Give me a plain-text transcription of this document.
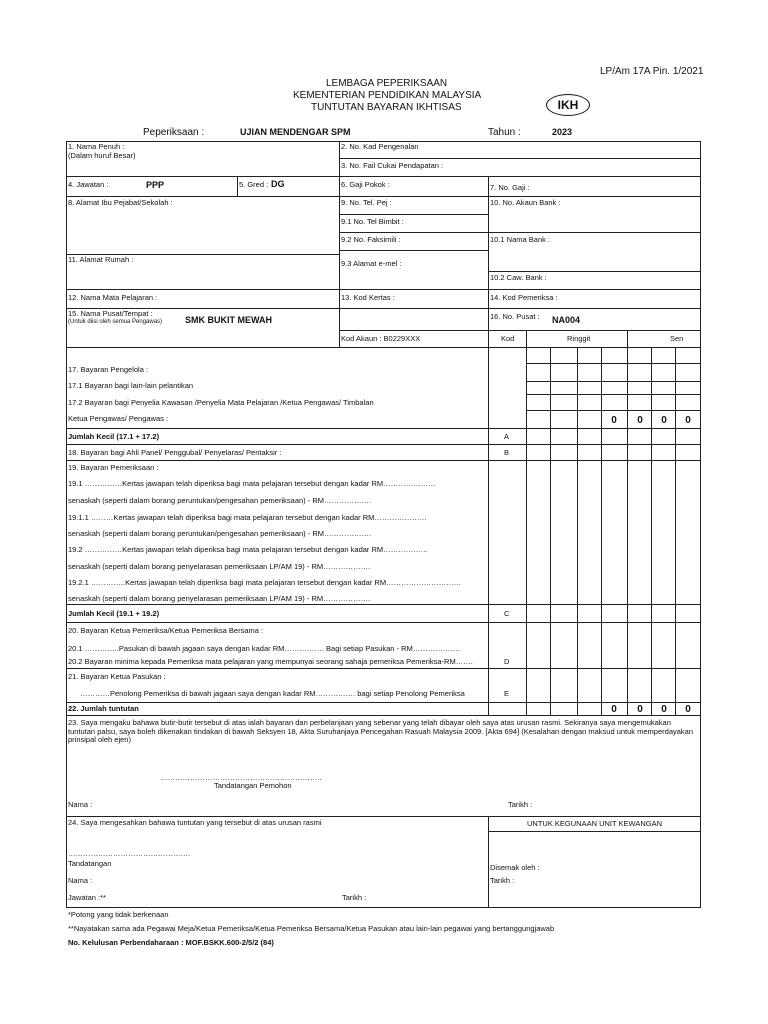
LP/Am 17A Pin. 1/2021
LEMBAGA PEPERIKSAAN
KEMENTERIAN PENDIDIKAN MALAYSIA
TUNTUTAN BAYARAN IKHTISAS	IKH
Peperiksaan :	UJIAN MENDENGAR SPM	Tahun :	2023
1. Nama Penuh :
(Dalam huruf Besar)
2. No. Kad Pengenalan
3. No. Fail Cukai Pendapatan :
4. Jawatan :	PPP	5. Gred : DG	6. Gaji Pokok :	7. No. Gaji :
8. Alamat Ibu Pejabat/Sekolah :	9. No. Tel. Pej :	10. No. Akaun Bank :
9.1 No. Tel Bimbit :
9.2 No. Faksimili :	10.1 Nama Bank :
11. Alamat Rumah :	9.3 Alamat e-mel :
10.2 Caw. Bank :
12. Nama Mata Pelajaran :	13. Kod Kertas :	14. Kod Pemeriksa :
15. Nama Pusat/Tempat :
(Untuk diisi oleh semua Pengawas)	SMK BUKIT MEWAH	16. No. Pusat : NA004
Kod Akaun : B0229XXX	Kod	Ringgit	Sen
17. Bayaran Pengelola :
17.1 Bayaran bagi lain-lain pelantikan
17.2 Bayaran bagi Penyelia Kawasan /Penyelia Mata Pelajaran /Ketua Pengawas/ Timbalan
Ketua Pengawas/ Pengawas :	0	0	0	0
Jumlah Kecil (17.1 + 17.2)	A
18. Bayaran bagi Ahli Panel/ Penggubal/ Penyelaras/ Pentaksir :	B
19. Bayaran Pemeriksaan :
19.1 ……………Kertas jawapan telah diperiksa bagi mata pelajaran tersebut dengan kadar RM…………………
senaskah (seperti dalam borang peruntukan/pengesahan pemeriksaan) - RM……………….
19.1.1 ………Kertas jawapan telah diperiksa bagi mata pelajaran tersebut dengan kadar RM…………………
senaskah (seperti dalam borang peruntukan/pengesahan pemeriksaan) - RM……………….
19.2 ……………Kertas jawapan telah diperiksa bagi mata pelajaran tersebut dengan kadar RM………………
senaskah (seperti dalam borang penyelarasan pemeriksaan LP/AM 19) - RM……………….
19.2.1 …………..Kertas jawapan telah diperiksa bagi mata pelajaran tersebut dengan kadar RM…………………………
senaskah (seperti dalam borang penyelarasan pemeriksaan LP/AM 19) - RM……………….
Jumlah Kecil (19.1 + 19.2)	C
20. Bayaran Ketua Pemeriksa/Ketua Pemeriksa Bersama :
20.1 …………..Pasukan di bawah jagaan saya dengan kadar RM……………. Bagi setiap Pasukan - RM……………….
20.2 Bayaran minima kepada Pemeriksa mata pelajaran yang mempunyai seorang sahaja pemeriksa Pemeriksa-RM…….	D
21. Bayaran Ketua Pasukan :
…………Penolong Pemeriksa di bawah jagaan saya dengan kadar RM……………. bagi setiap Penolong Pemeriksa	E
22. Jumlah tuntutan	0	0	0	0
23. Saya mengaku bahawa butir-butir tersebut di atas ialah bayaran dan perbelanjaan yang sebenar yang telah dibayar oleh saya atas urusan rasmi. Sekiranya saya mengemukakan tuntutan palsu, saya boleh dikenakan tindakan di bawah Seksyen 18, Akta Suruhanjaya Pencegahan Rasuah Malaysia 2009. [Akta 694] (Kesalahan dengan maksud untuk memperdayakan prinsipal oleh ejen)
………………………………………………………..
Tandatangan Pemohon
Nama :	Tarikh :
24. Saya mengesahkan bahawa tuntutan yang tersebut di atas urusan rasmi	UNTUK KEGUNAAN UNIT KEWANGAN
………………………………………….
Tandatangan	Disemak oleh :
Nama :	Tarikh :
Jawatan :**	Tarikh :
*Potong yang tidak berkenaan
**Nayatakan sama ada Pegawai Meja/Ketua Pemeriksa/Ketua Pemeriksa Bersama/Ketua Pasukan atau lain-lain pegawai yang bertanggungjawab
No. Kelulusan Perbendaharaan : MOF.BSKK.600-2/5/2 (84)
